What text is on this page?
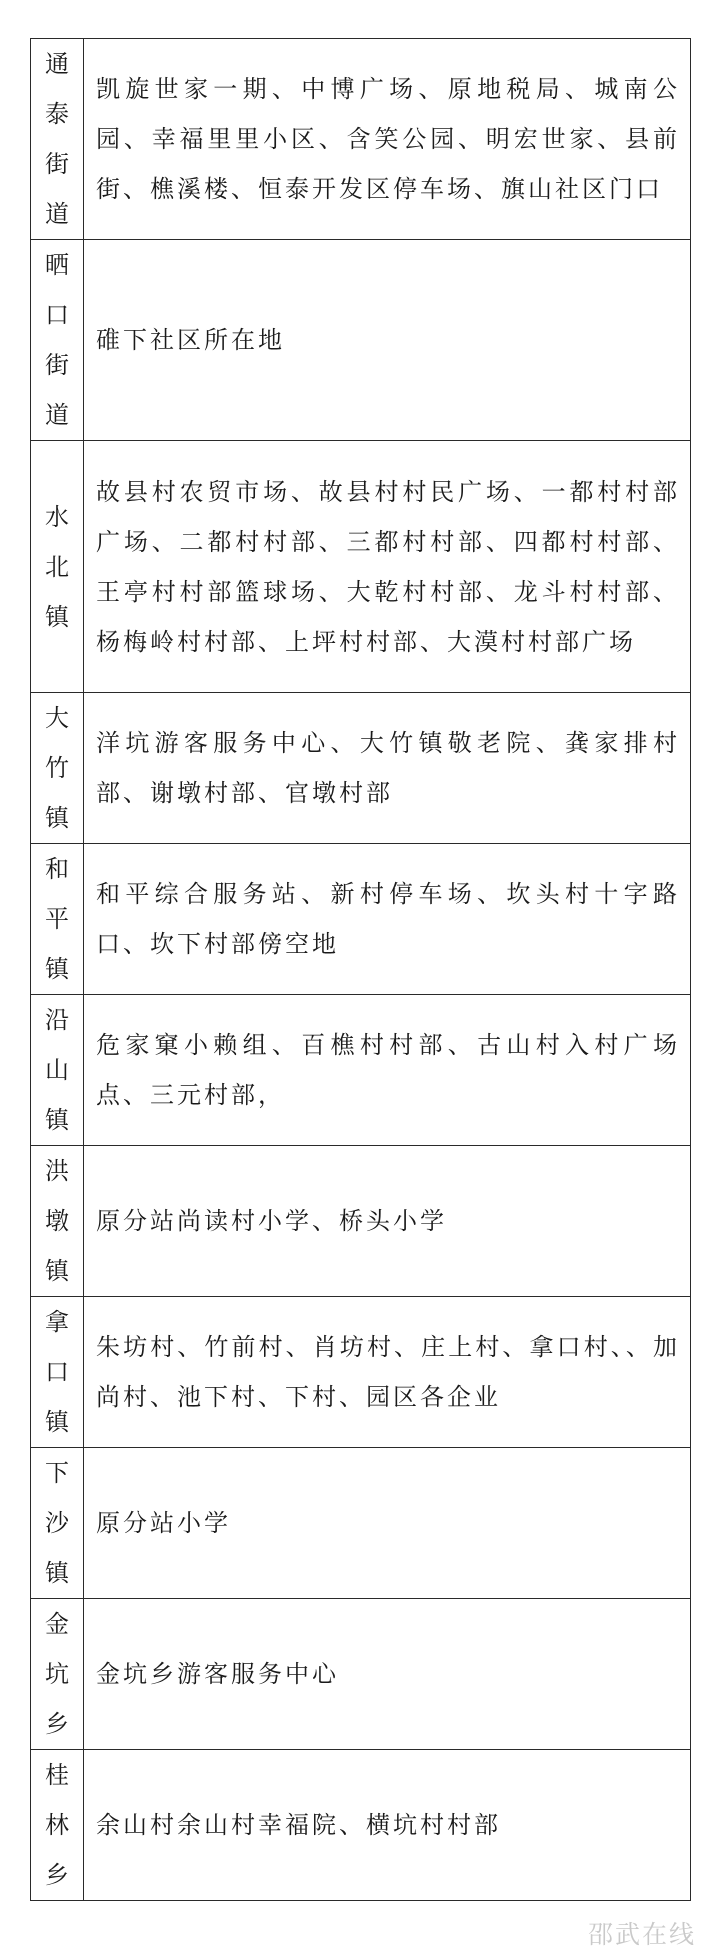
通泰街道	凯旋世家一期、中博广场、原地税局、城南公园、幸福里里小区、含笑公园、明宏世家、县前街、樵溪楼、恒泰开发区停车场、旗山社区门口

晒口街道	碓下社区所在地

水北镇	故县村农贸市场、故县村村民广场、一都村村部广场、二都村村部、三都村村部、四都村村部、王亭村村部篮球场、大乾村村部、龙斗村村部、杨梅岭村村部、上坪村村部、大漠村村部广场

大竹镇	洋坑游客服务中心、大竹镇敬老院、龚家排村部、谢墩村部、官墩村部

和平镇	和平综合服务站、新村停车场、坎头村十字路口、坎下村部傍空地

沿山镇	危家窠小赖组、百樵村村部、古山村入村广场点、三元村部，

洪墩镇	原分站尚读村小学、桥头小学

拿口镇	朱坊村、竹前村、肖坊村、庄上村、拿口村、、加尚村、池下村、下村、园区各企业

下沙镇	原分站小学

金坑乡	金坑乡游客服务中心

桂林乡	余山村余山村幸福院、横坑村村部
邵武在线
